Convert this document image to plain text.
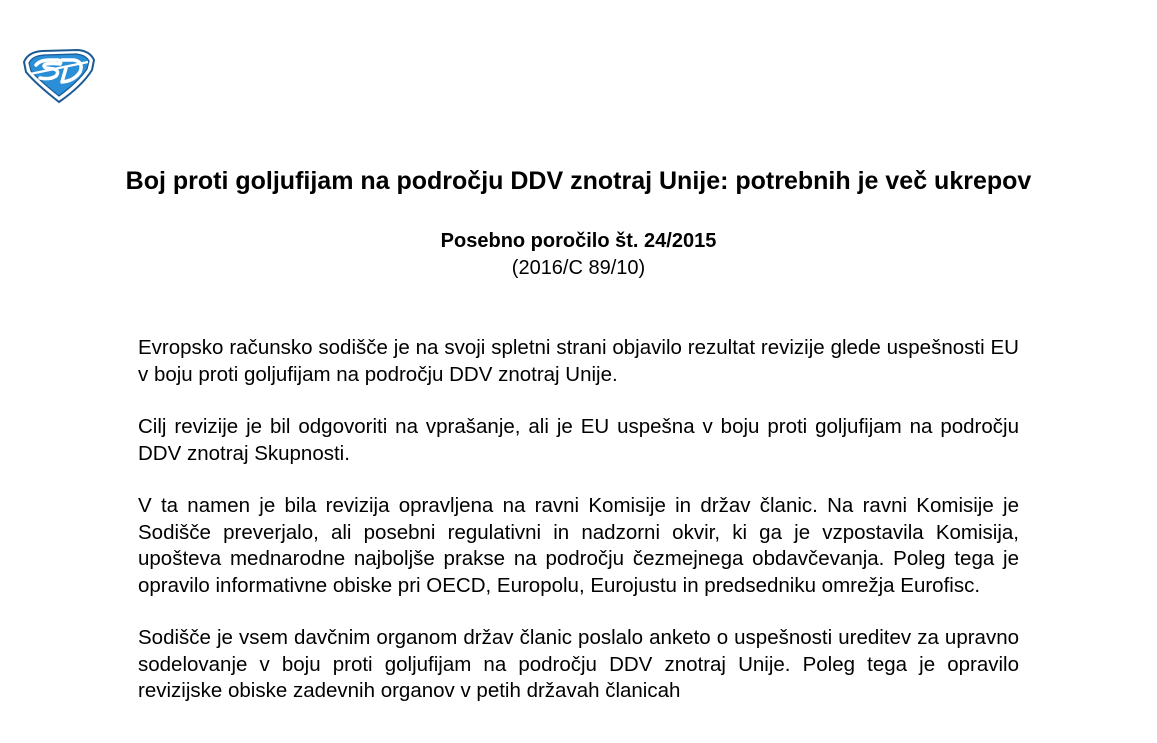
Boj proti goljufijam na področju DDV znotraj Unije: potrebnih je več ukrepov
Posebno poročilo št. 24/2015
(2016/C 89/10)

Evropsko računsko sodišče je na svoji spletni strani objavilo rezultat revizije glede uspešnosti EU v boju proti goljufijam na področju DDV znotraj Unije.

Cilj revizije je bil odgovoriti na vprašanje, ali je EU uspešna v boju proti goljufijam na področju DDV znotraj Skupnosti.

V ta namen je bila revizija opravljena na ravni Komisije in držav članic. Na ravni Komisije je Sodišče preverjalo, ali posebni regulativni in nadzorni okvir, ki ga je vzpostavila Komisija, upošteva mednarodne najboljše prakse na področju čezmejnega obdavčevanja. Poleg tega je opravilo informativne obiske pri OECD, Europolu, Eurojustu in predsedniku omrežja Eurofisc.

Sodišče je vsem davčnim organom držav članic poslalo anketo o uspešnosti ureditev za upravno sodelovanje v boju proti goljufijam na področju DDV znotraj Unije. Poleg tega je opravilo revizijske obiske zadevnih organov v petih državah članicah
